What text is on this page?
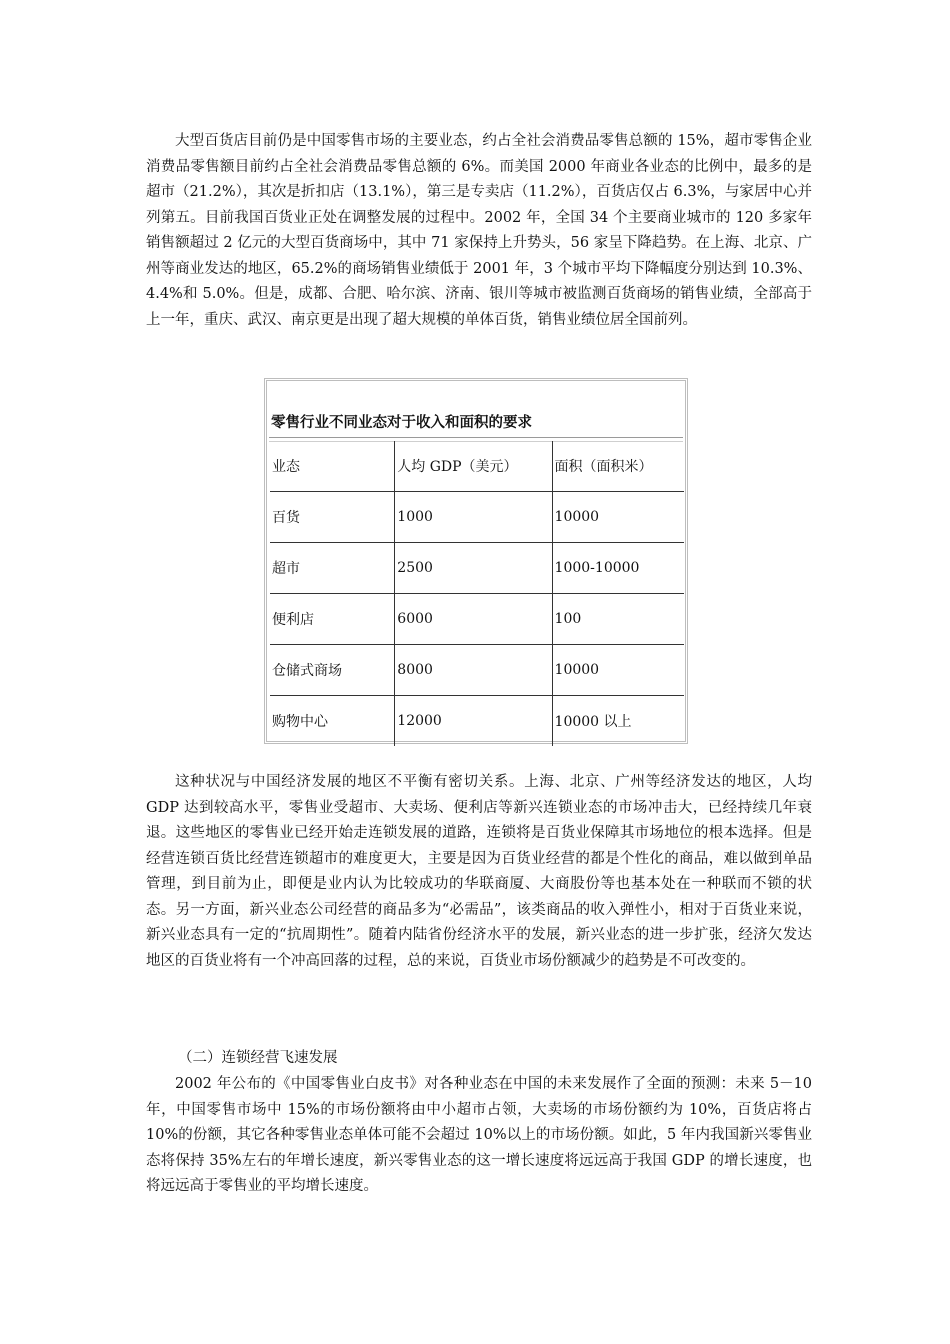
大型百货店目前仍是中国零售市场的主要业态，约占全社会消费品零售总额的 15%，超市零售企业消费品零售额目前约占全社会消费品零售总额的 6%。而美国 2000 年商业各业态的比例中，最多的是超市（21.2%），其次是折扣店（13.1%），第三是专卖店（11.2%），百货店仅占 6.3%，与家居中心并列第五。目前我国百货业正处在调整发展的过程中。2002 年，全国 34 个主要商业城市的 120 多家年销售额超过 2 亿元的大型百货商场中，其中 71 家保持上升势头，56 家呈下降趋势。在上海、北京、广州等商业发达的地区，65.2%的商场销售业绩低于 2001 年，3 个城市平均下降幅度分别达到 10.3%、4.4%和 5.0%。但是，成都、合肥、哈尔滨、济南、银川等城市被监测百货商场的销售业绩，全部高于上一年，重庆、武汉、南京更是出现了超大规模的单体百货，销售业绩位居全国前列。

零售行业不同业态对于收入和面积的要求
业态	人均 GDP（美元）	面积（面积米）
百货	1000	10000
超市	2500	1000-10000
便利店	6000	100
仓储式商场	8000	10000
购物中心	12000	10000 以上

这种状况与中国经济发展的地区不平衡有密切关系。上海、北京、广州等经济发达的地区，人均 GDP 达到较高水平，零售业受超市、大卖场、便利店等新兴连锁业态的市场冲击大，已经持续几年衰退。这些地区的零售业已经开始走连锁发展的道路，连锁将是百货业保障其市场地位的根本选择。但是经营连锁百货比经营连锁超市的难度更大，主要是因为百货业经营的都是个性化的商品，难以做到单品管理，到目前为止，即便是业内认为比较成功的华联商厦、大商股份等也基本处在一种联而不锁的状态。另一方面，新兴业态公司经营的商品多为“必需品”，该类商品的收入弹性小，相对于百货业来说，新兴业态具有一定的“抗周期性”。随着内陆省份经济水平的发展，新兴业态的进一步扩张，经济欠发达地区的百货业将有一个冲高回落的过程，总的来说，百货业市场份额减少的趋势是不可改变的。

（二）连锁经营飞速发展

2002 年公布的《中国零售业白皮书》对各种业态在中国的未来发展作了全面的预测：未来 5－10 年，中国零售市场中 15%的市场份额将由中小超市占领，大卖场的市场份额约为 10%，百货店将占 10%的份额，其它各种零售业态单体可能不会超过 10%以上的市场份额。如此，5 年内我国新兴零售业态将保持 35%左右的年增长速度，新兴零售业态的这一增长速度将远远高于我国 GDP 的增长速度，也将远远高于零售业的平均增长速度。
